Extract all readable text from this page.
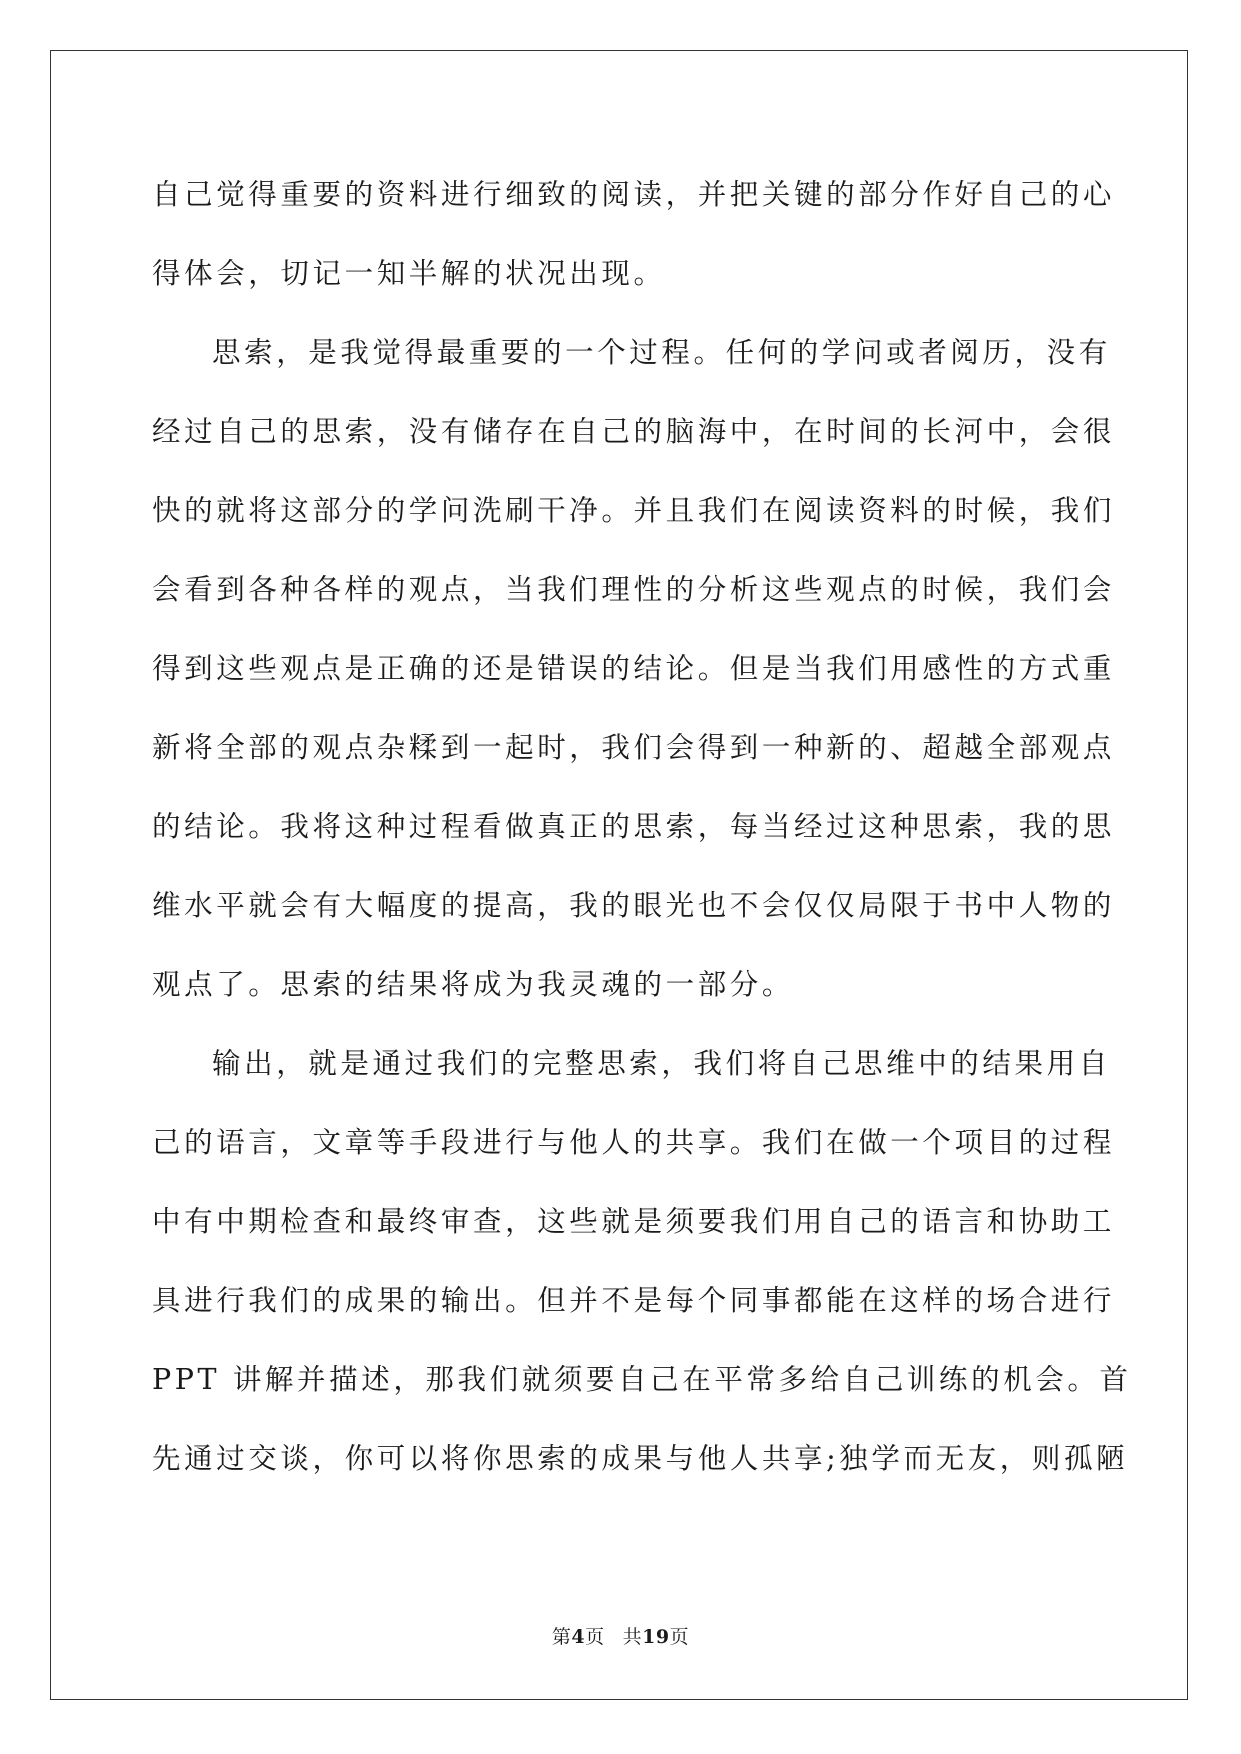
自己觉得重要的资料进行细致的阅读，并把关键的部分作好自己的心
得体会，切记一知半解的状况出现。

思索，是我觉得最重要的一个过程。任何的学问或者阅历，没有
经过自己的思索，没有储存在自己的脑海中，在时间的长河中，会很
快的就将这部分的学问洗刷干净。并且我们在阅读资料的时候，我们
会看到各种各样的观点，当我们理性的分析这些观点的时候，我们会
得到这些观点是正确的还是错误的结论。但是当我们用感性的方式重
新将全部的观点杂糅到一起时，我们会得到一种新的、超越全部观点
的结论。我将这种过程看做真正的思索，每当经过这种思索，我的思
维水平就会有大幅度的提高，我的眼光也不会仅仅局限于书中人物的
观点了。思索的结果将成为我灵魂的一部分。

输出，就是通过我们的完整思索，我们将自己思维中的结果用自
己的语言，文章等手段进行与他人的共享。我们在做一个项目的过程
中有中期检查和最终审查，这些就是须要我们用自己的语言和协助工
具进行我们的成果的输出。但并不是每个同事都能在这样的场合进行
PPT 讲解并描述，那我们就须要自己在平常多给自己训练的机会。首
先通过交谈，你可以将你思索的成果与他人共享;独学而无友，则孤陋

第4页 共19页
